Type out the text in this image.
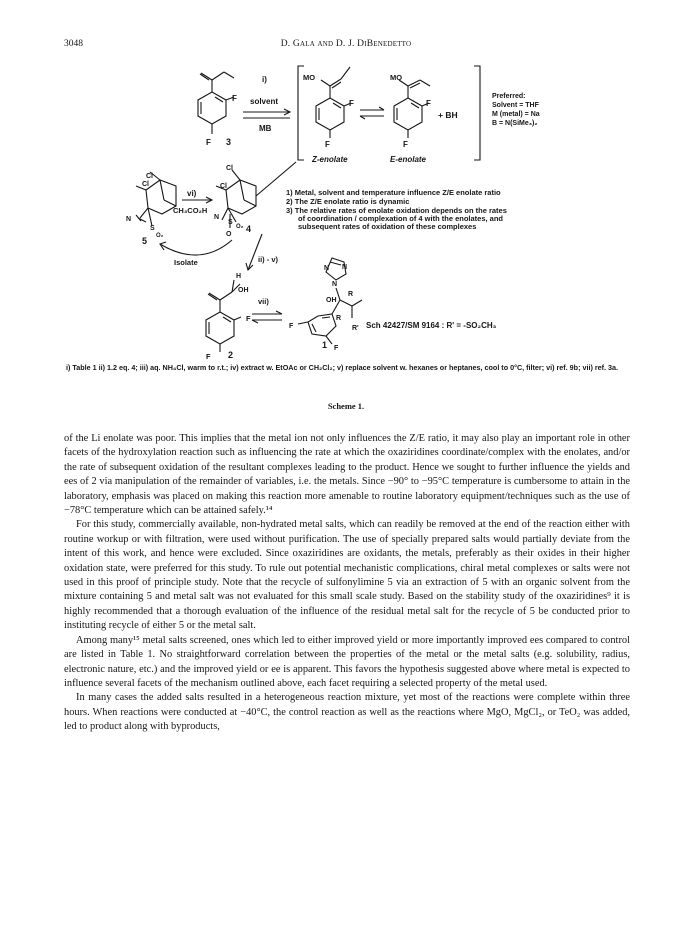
3048	D. Gala and D. J. DiBenedetto
F
F 3
i)
solvent
MB
MO
F
F
Z-enolate
MO
F
F
E-enolate
+ BH
Preferred:
Solvent = THF
M (metal) = Na
B = N(SiMe₃)₂
Cl
Cl
N
S
O₂
5
vi)
CH₃CO₂H
Cl
Cl
N
S
O₂
O
4
Isolate
1) Metal, solvent and temperature influence Z/E enolate ratio
2) The Z/E enolate ratio is dynamic
3) The relative rates of enolate oxidation depends on the rates
of coordination / complexation of 4 with the enolates, and
subsequent rates of oxidation of these complexes
ii) - v)
H
OH
F
F 2
vii)
N N
N
OH
R
R
R'
F
F
1
Sch 42427/SM 9164 : R' = -SO₂CH₃
i) Table 1 ii) 1.2 eq. 4; iii) aq. NH₄Cl, warm to r.t.; iv) extract w. EtOAc or CH₂Cl₂; v) replace solvent w. hexanes or heptanes, cool to 0°C, filter; vi) ref. 9b; vii) ref. 3a.
Scheme 1.

of the Li enolate was poor. This implies that the metal ion not only influences the Z/E ratio, it may also play an important role in other facets of the hydroxylation reaction such as influencing the rate at which the oxaziridines coordinate/complex with the enolates, and/or the rate of subsequent oxidation of the resultant complexes leading to the product. Hence we sought to further influence the yields and ees of 2 via manipulation of the remainder of variables, i.e. the metals. Since −90° to −95°C temperature is cumbersome to attain in the laboratory, emphasis was placed on making this reaction more amenable to routine laboratory equipment/techniques such as the use of −78°C temperature which can be attained safely.¹⁴

For this study, commercially available, non-hydrated metal salts, which can readily be removed at the end of the reaction either with routine workup or with filtration, were used without purification. The use of specially prepared salts would partially deviate from the intent of this work, and hence were excluded. Since oxaziridines are oxidants, the metals, preferably as their oxides in their higher oxidation state, were preferred for this study. To rule out potential mechanistic complications, chiral metal complexes or salts were not used in this proof of principle study. Note that the recycle of sulfonylimine 5 via an extraction of 5 with an organic solvent from the mixture containing 5 and metal salt was not evaluated for this small scale study. Based on the stability study of the oxaziridines⁹ it is highly recommended that a thorough evaluation of the influence of the residual metal salt for the recycle of 5 be conducted prior to instituting recycle of either 5 or the metal salt.

Among many¹⁵ metal salts screened, ones which led to either improved yield or more importantly improved ees compared to control are listed in Table 1. No straightforward correlation between the properties of the metal or the metal salts (e.g. solubility, radius, electronic nature, etc.) and the improved yield or ee is apparent. This favors the hypothesis suggested above where metal is expected to influence several facets of the mechanism outlined above, each facet requiring a selected property of the metal used.

In many cases the added salts resulted in a heterogeneous reaction mixture, yet most of the reactions were complete within three hours. When reactions were conducted at −40°C, the control reaction as well as the reactions where MgO, MgCl₂, or TeO₂ was added, led to product along with byproducts,
